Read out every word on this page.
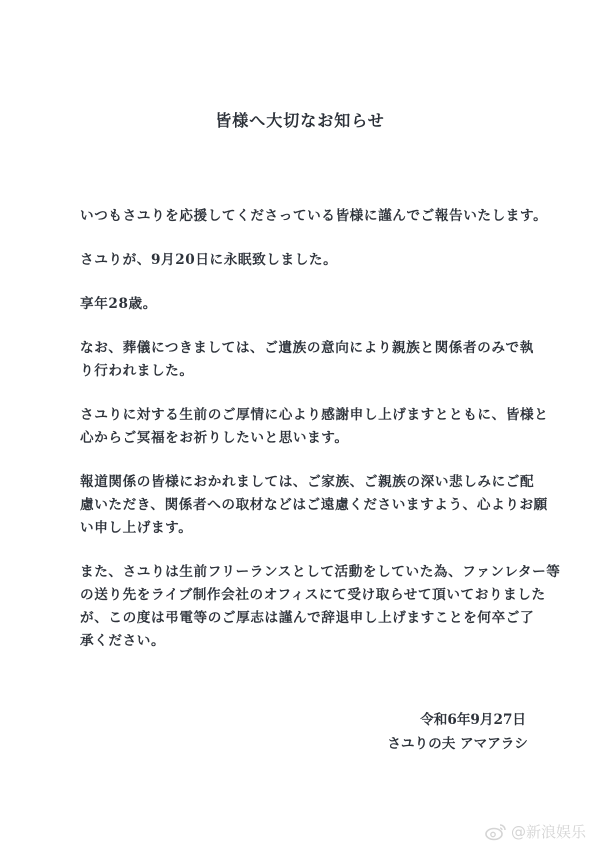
皆様へ大切なお知らせ

いつもさユりを応援してくださっている皆様に謹んでご報告いたします。

さユりが、9月20日に永眠致しました。

享年28歳。

なお、葬儀につきましては、ご遺族の意向により親族と関係者のみで執
り行われました。

さユりに対する生前のご厚情に心より感謝申し上げますとともに、皆様と
心からご冥福をお祈りしたいと思います。

報道関係の皆様におかれましては、ご家族、ご親族の深い悲しみにご配
慮いただき、関係者への取材などはご遠慮くださいますよう、心よりお願
い申し上げます。

また、さユりは生前フリーランスとして活動をしていた為、ファンレター等
の送り先をライブ制作会社のオフィスにて受け取らせて頂いておりました
が、この度は弔電等のご厚志は謹んで辞退申し上げますことを何卒ご了
承ください。

令和6年9月27日
さユりの夫 アマアラシ
@新浪娱乐
